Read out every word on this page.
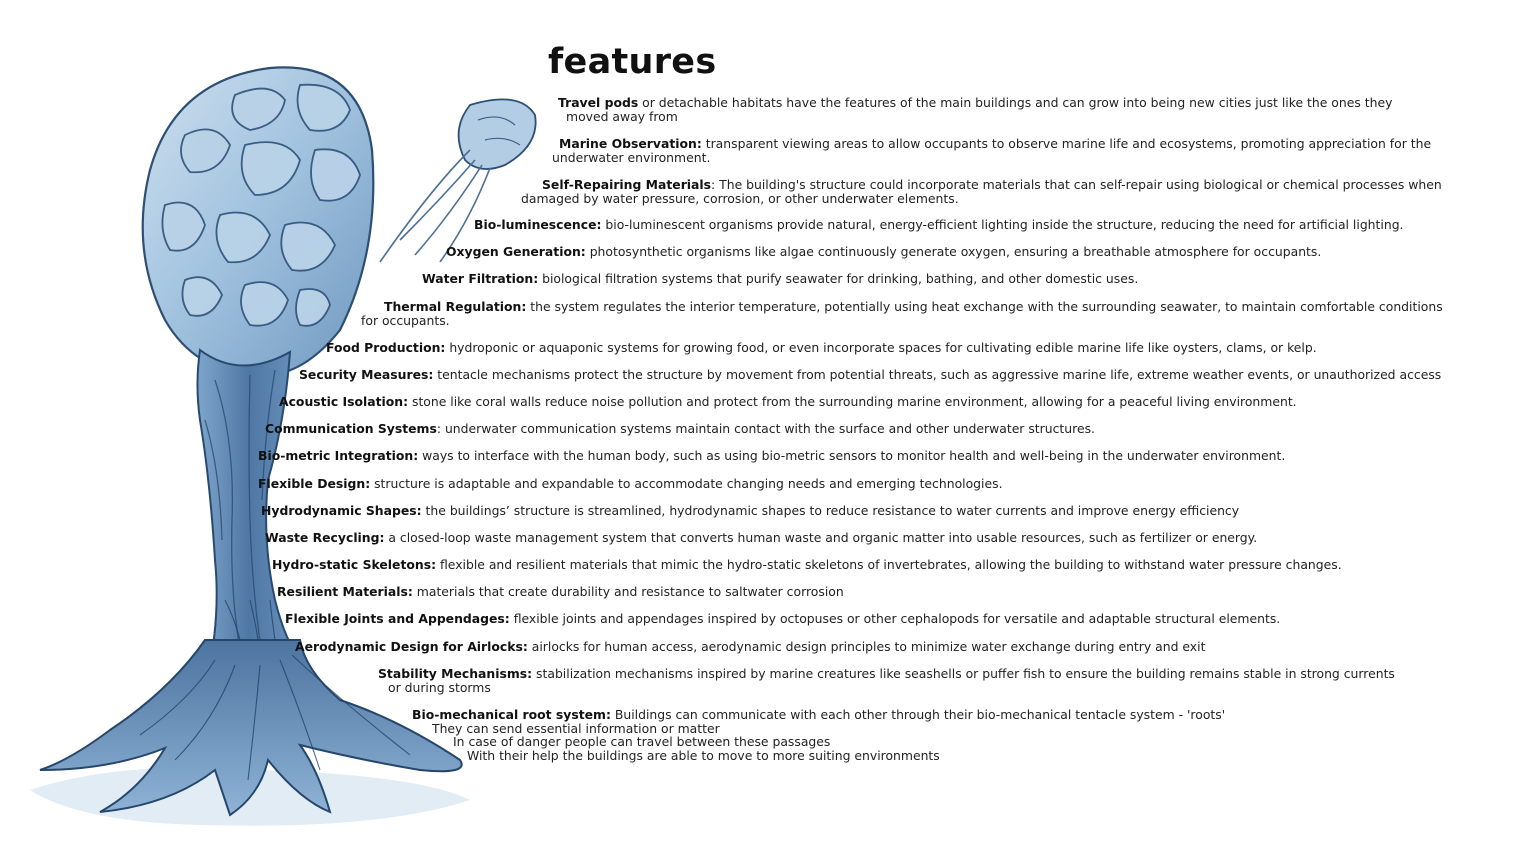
features
Travel pods or detachable habitats have the features of the main buildings and can grow into being new cities just like the ones they
moved away from
Marine Observation: transparent viewing areas to allow occupants to observe marine life and ecosystems, promoting appreciation for the
underwater environment.
Self-Repairing Materials: The building's structure could incorporate materials that can self-repair using biological or chemical processes when
damaged by water pressure, corrosion, or other underwater elements.
Bio-luminescence: bio-luminescent organisms provide natural, energy-efficient lighting inside the structure, reducing the need for artificial lighting.
Oxygen Generation: photosynthetic organisms like algae continuously generate oxygen, ensuring a breathable atmosphere for occupants.
Water Filtration: biological filtration systems that purify seawater for drinking, bathing, and other domestic uses.
Thermal Regulation: the system regulates the interior temperature, potentially using heat exchange with the surrounding seawater, to maintain comfortable conditions
for occupants.
Food Production: hydroponic or aquaponic systems for growing food, or even incorporate spaces for cultivating edible marine life like oysters, clams, or kelp.
Security Measures: tentacle mechanisms protect the structure by movement from potential threats, such as aggressive marine life, extreme weather events, or unauthorized access
Acoustic Isolation: stone like coral walls reduce noise pollution and protect from the surrounding marine environment, allowing for a peaceful living environment.
Communication Systems: underwater communication systems maintain contact with the surface and other underwater structures.
Bio-metric Integration: ways to interface with the human body, such as using bio-metric sensors to monitor health and well-being in the underwater environment.
Flexible Design: structure is adaptable and expandable to accommodate changing needs and emerging technologies.
Hydrodynamic Shapes: the buildings’ structure is streamlined, hydrodynamic shapes to reduce resistance to water currents and improve energy efficiency
Waste Recycling: a closed-loop waste management system that converts human waste and organic matter into usable resources, such as fertilizer or energy.
Hydro-static Skeletons: flexible and resilient materials that mimic the hydro-static skeletons of invertebrates, allowing the building to withstand water pressure changes.
Resilient Materials: materials that create durability and resistance to saltwater corrosion
Flexible Joints and Appendages: flexible joints and appendages inspired by octopuses or other cephalopods for versatile and adaptable structural elements.
Aerodynamic Design for Airlocks: airlocks for human access, aerodynamic design principles to minimize water exchange during entry and exit
Stability Mechanisms: stabilization mechanisms inspired by marine creatures like seashells or puffer fish to ensure the building remains stable in strong currents
or during storms
Bio-mechanical root system: Buildings can communicate with each other through their bio-mechanical tentacle system - 'roots'
They can send essential information or matter
In case of danger people can travel between these passages
With their help the buildings are able to move to more suiting environments
